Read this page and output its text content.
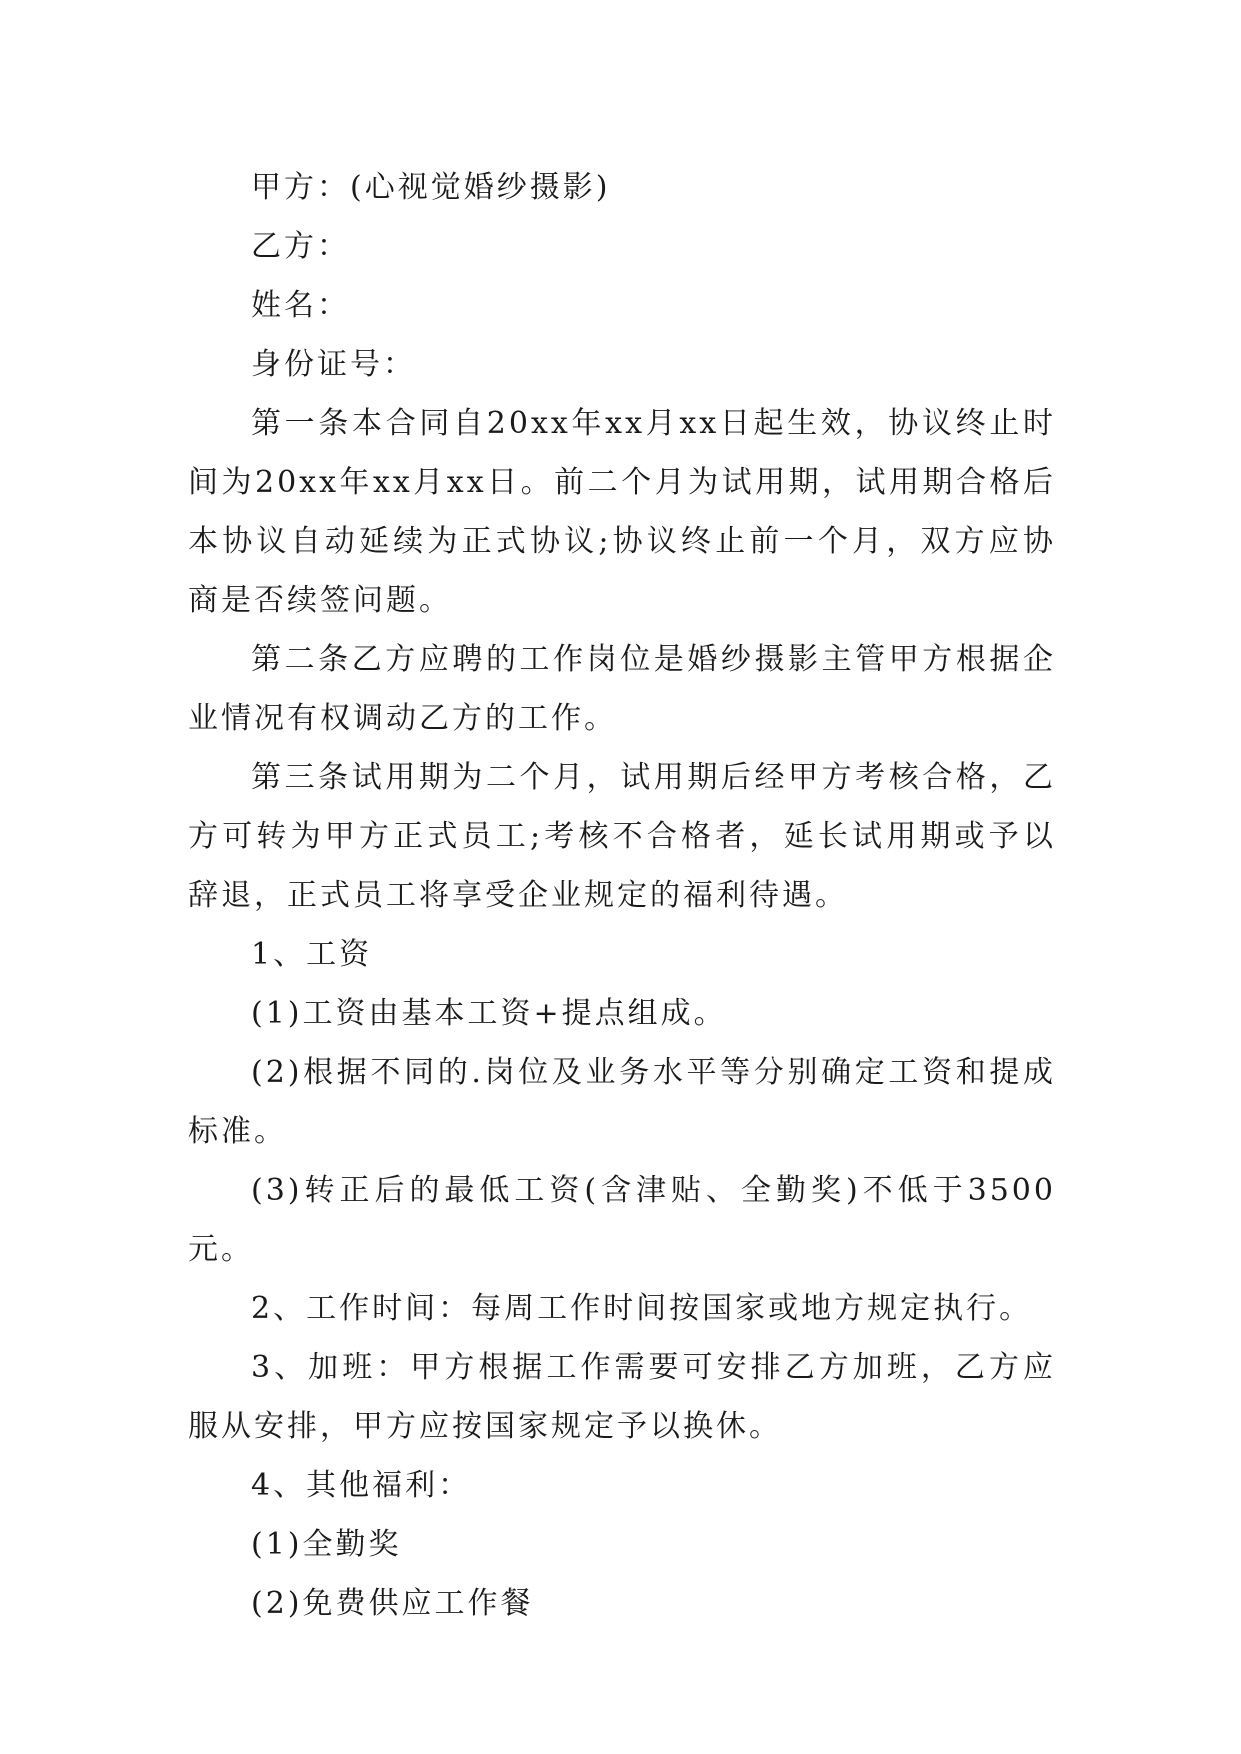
甲方：(心视觉婚纱摄影)

乙方：

姓名：

身份证号：

第一条本合同自20xx年xx月xx日起生效，协议终止时间为20xx年xx月xx日。前二个月为试用期，试用期合格后本协议自动延续为正式协议;协议终止前一个月，双方应协商是否续签问题。

第二条乙方应聘的工作岗位是婚纱摄影主管甲方根据企业情况有权调动乙方的工作。

第三条试用期为二个月，试用期后经甲方考核合格，乙方可转为甲方正式员工;考核不合格者，延长试用期或予以辞退，正式员工将享受企业规定的福利待遇。

1、工资

(1)工资由基本工资+提点组成。

(2)根据不同的.岗位及业务水平等分别确定工资和提成标准。

(3)转正后的最低工资(含津贴、全勤奖)不低于3500元。

2、工作时间：每周工作时间按国家或地方规定执行。

3、加班：甲方根据工作需要可安排乙方加班，乙方应服从安排，甲方应按国家规定予以换休。

4、其他福利：

(1)全勤奖

(2)免费供应工作餐
